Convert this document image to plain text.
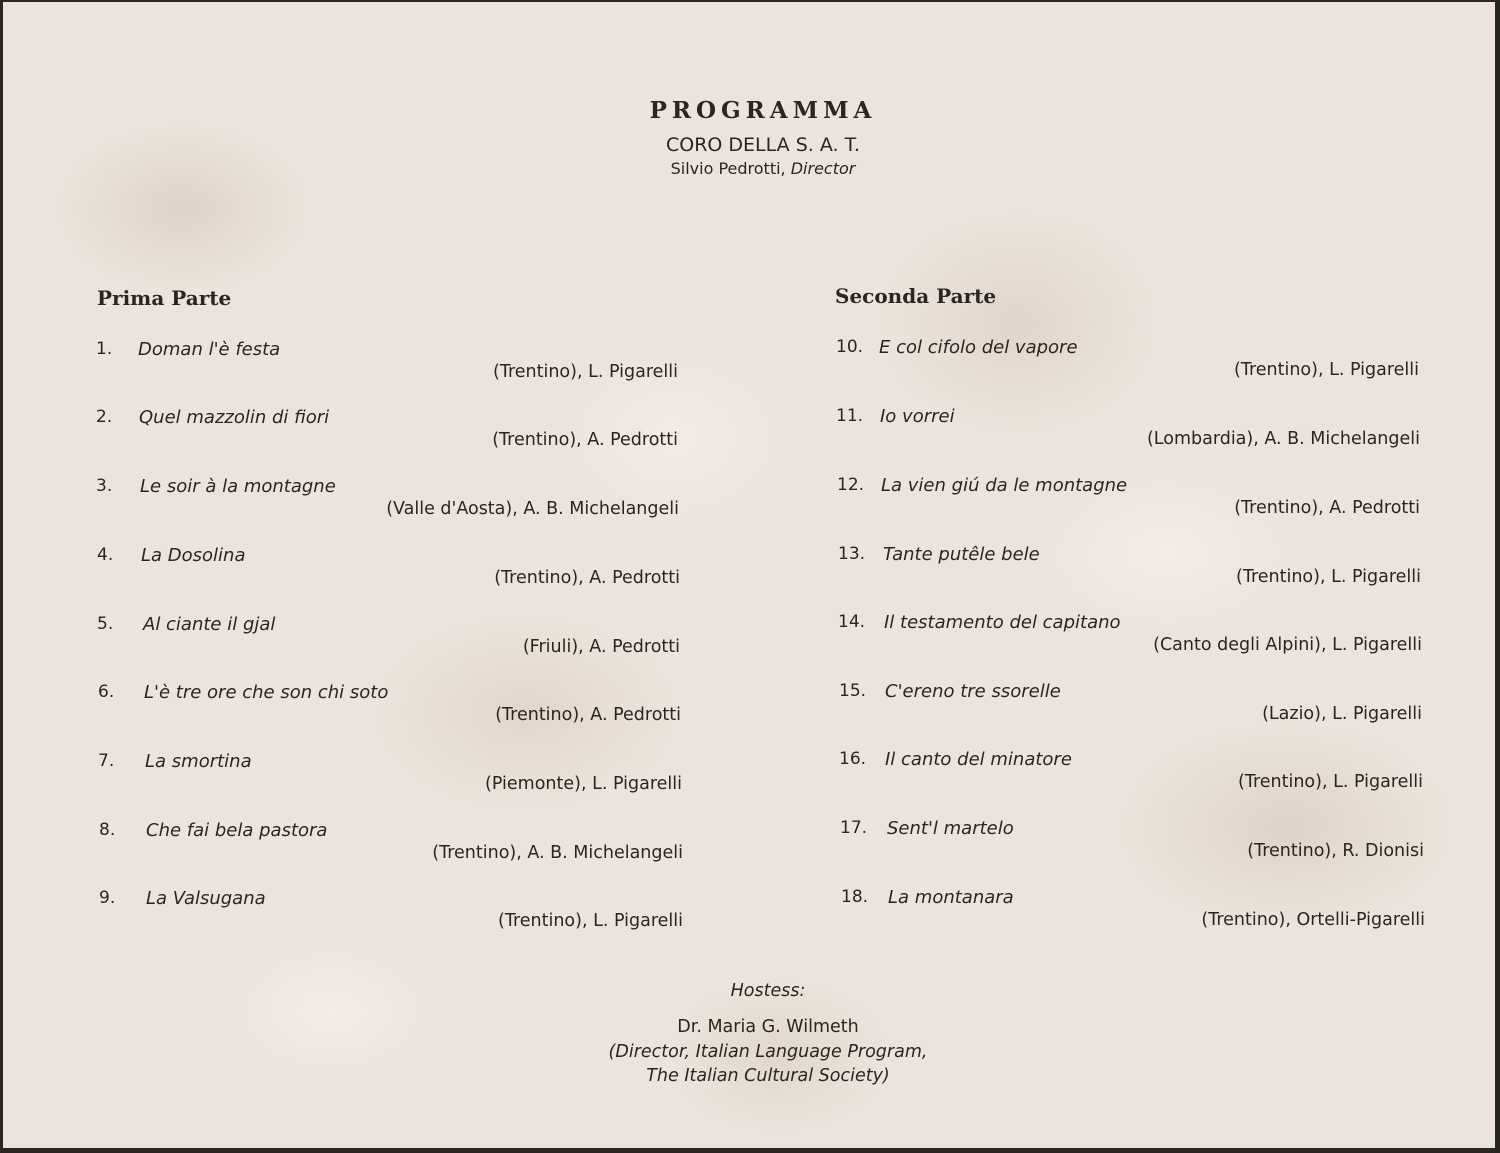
PROGRAMMA
CORO DELLA S. A. T.
Silvio Pedrotti, Director
Prima Parte
1. Doman l'è festa
(Trentino), L. Pigarelli
2. Quel mazzolin di fiori
(Trentino), A. Pedrotti
3. Le soir à la montagne
(Valle d'Aosta), A. B. Michelangeli
4. La Dosolina
(Trentino), A. Pedrotti
5. Al ciante il gjal
(Friuli), A. Pedrotti
6. L'è tre ore che son chi soto
(Trentino), A. Pedrotti
7. La smortina
(Piemonte), L. Pigarelli
8. Che fai bela pastora
(Trentino), A. B. Michelangeli
9. La Valsugana
(Trentino), L. Pigarelli
Seconda Parte
10. E col cifolo del vapore
(Trentino), L. Pigarelli
11. Io vorrei
(Lombardia), A. B. Michelangeli
12. La vien giú da le montagne
(Trentino), A. Pedrotti
13. Tante putêle bele
(Trentino), L. Pigarelli
14. Il testamento del capitano
(Canto degli Alpini), L. Pigarelli
15. C'ereno tre ssorelle
(Lazio), L. Pigarelli
16. Il canto del minatore
(Trentino), L. Pigarelli
17. Sent'l martelo
(Trentino), R. Dionisi
18. La montanara
(Trentino), Ortelli-Pigarelli
Hostess:
Dr. Maria G. Wilmeth
(Director, Italian Language Program,
The Italian Cultural Society)
